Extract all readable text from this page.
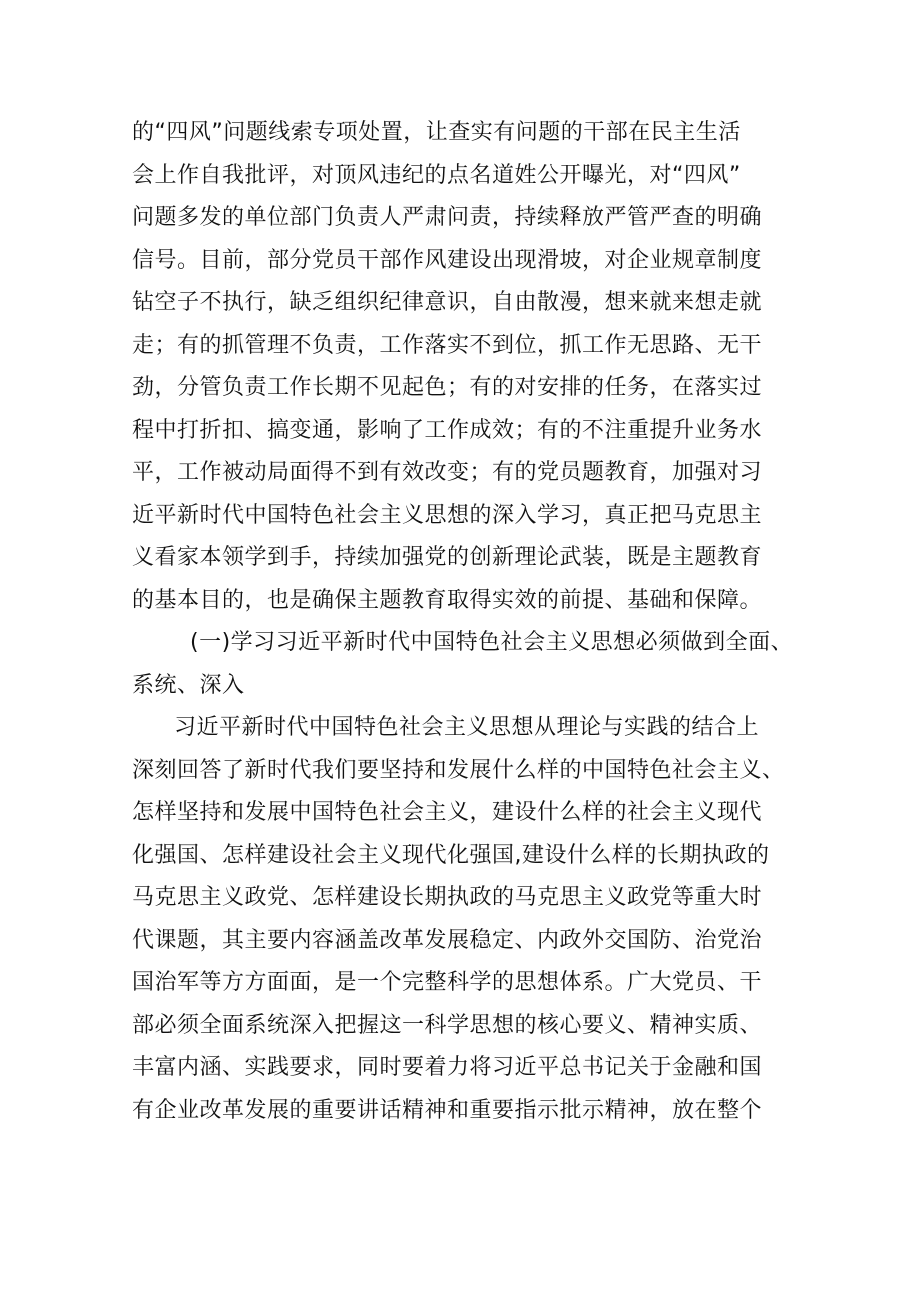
的“四风”问题线索专项处置，让查实有问题的干部在民主生活
会上作自我批评，对顶风违纪的点名道姓公开曝光，对“四风”
问题多发的单位部门负责人严肃问责，持续释放严管严查的明确
信号。目前，部分党员干部作风建设出现滑坡，对企业规章制度
钻空子不执行，缺乏组织纪律意识，自由散漫，想来就来想走就
走；有的抓管理不负责，工作落实不到位，抓工作无思路、无干
劲，分管负责工作长期不见起色；有的对安排的任务，在落实过
程中打折扣、搞变通，影响了工作成效；有的不注重提升业务水
平，工作被动局面得不到有效改变；有的党员题教育，加强对习
近平新时代中国特色社会主义思想的深入学习，真正把马克思主
义看家本领学到手，持续加强党的创新理论武装，既是主题教育
的基本目的，也是确保主题教育取得实效的前提、基础和保障。

(一)学习习近平新时代中国特色社会主义思想必须做到全面、
系统、深入

习近平新时代中国特色社会主义思想从理论与实践的结合上
深刻回答了新时代我们要坚持和发展什么样的中国特色社会主义、
怎样坚持和发展中国特色社会主义，建设什么样的社会主义现代
化强国、怎样建设社会主义现代化强国,建设什么样的长期执政的
马克思主义政党、怎样建设长期执政的马克思主义政党等重大时
代课题，其主要内容涵盖改革发展稳定、内政外交国防、治党治
国治军等方方面面，是一个完整科学的思想体系。广大党员、干
部必须全面系统深入把握这一科学思想的核心要义、精神实质、
丰富内涵、实践要求，同时要着力将习近平总书记关于金融和国
有企业改革发展的重要讲话精神和重要指示批示精神，放在整个
